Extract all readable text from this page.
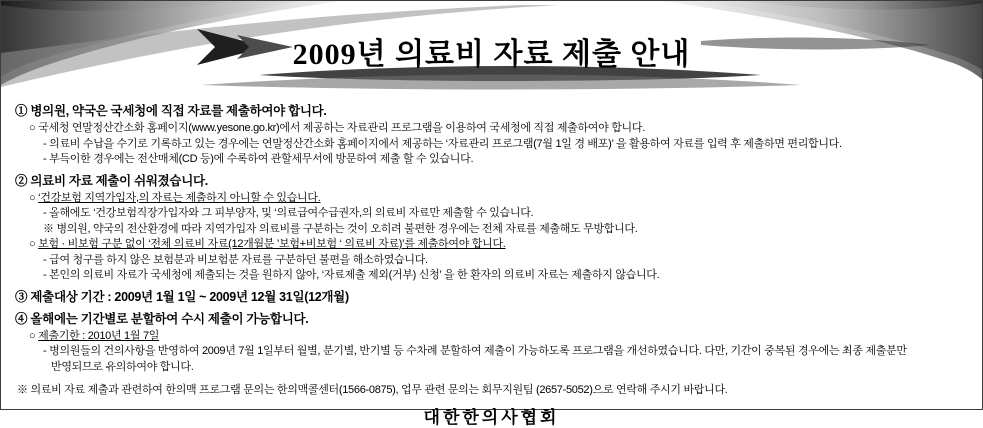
2009년 의료비 자료 제출 안내
① 병의원, 약국은 국세청에 직접 자료를 제출하여야 합니다.
○ 국세청 연말정산간소화 홈페이지(www.yesone.go.kr)에서 제공하는 자료관리 프로그램을 이용하여 국세청에 직접 제출하여야 합니다.
- 의료비 수납을 수기로 기록하고 있는 경우에는 연말정산간소화 홈페이지에서 제공하는 ‘자료관리 프로그램(7월 1일 경 배포)’ 을 활용하여 자료를 입력 후 제출하면 편리합니다.
- 부득이한 경우에는 전산매체(CD 등)에 수록하여 관할세무서에 방문하여 제출 할 수 있습니다.
② 의료비 자료 제출이 쉬워졌습니다.
○ ‘건강보험 지역가입자,의 자료는 제출하지 아니할 수 있습니다.
- 올해에도 ‘건강보험직장가입자와 그 피부양자, 및 ‘의료급여수급권자,의 의료비 자료만 제출할 수 있습니다.
※ 병의원, 약국의 전산환경에 따라 지역가입자 의료비를 구분하는 것이 오히려 불편한 경우에는 전체 자료를 제출해도 무방합니다.
○ 보험 · 비보험 구분 없이 ‘전체 의료비 자료(12개월분 ’보험+비보험 ‘ 의료비 자료)’를 제출하여야 합니다.
- 급여 청구를 하지 않은 보험분과 비보험분 자료를 구분하던 불편을 해소하였습니다.
- 본인의 의료비 자료가 국세청에 제출되는 것을 원하지 않아, ‘자료제출 제외(거부) 신청’ 을 한 환자의 의료비 자료는 제출하지 않습니다.
③ 제출대상 기간 : 2009년 1월 1일 ~ 2009년 12월 31일(12개월)
④ 올해에는 기간별로 분할하여 수시 제출이 가능합니다.
○ 제출기한 : 2010년 1월 7일
- 병의원들의 건의사항을 반영하여 2009년 7월 1일부터 월별, 분기별, 반기별 등 수차례 분할하여 제출이 가능하도록 프로그램을 개선하였습니다. 다만, 기간이 중복된 경우에는 최종 제출분만
반영되므로 유의하여야 합니다.
※ 의료비 자료 제출과 관련하여 한의맥 프로그램 문의는 한의맥콜센터(1566-0875), 업무 관련 문의는 회무지원팀 (2657-5052)으로 연락해 주시기 바랍니다.
대한한의사협회
